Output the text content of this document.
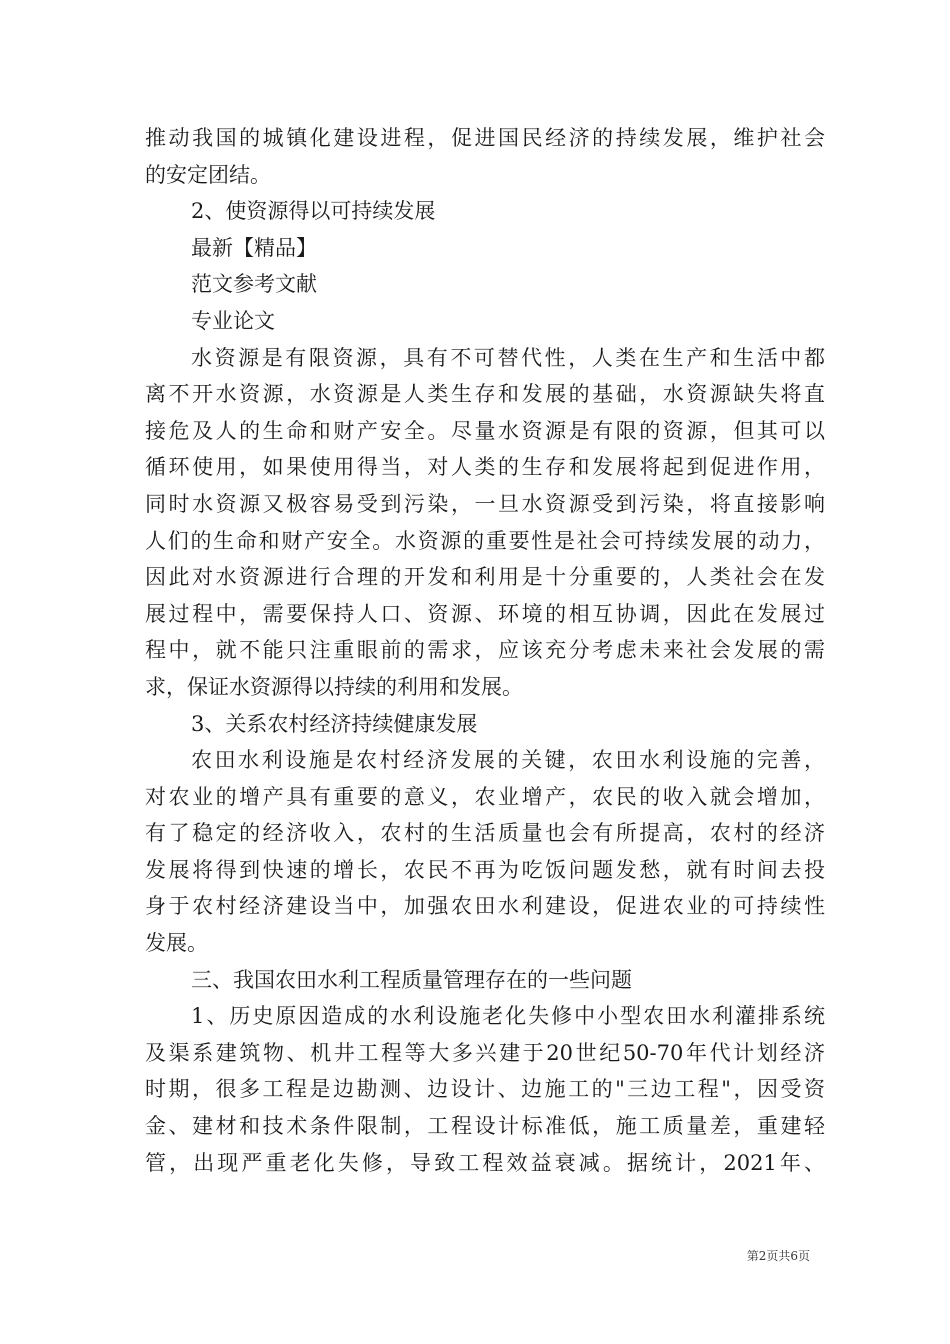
推动我国的城镇化建设进程，促进国民经济的持续发展，维护社会
的安定团结。
2、使资源得以可持续发展
最新【精品】
范文参考文献
专业论文
水资源是有限资源，具有不可替代性，人类在生产和生活中都
离不开水资源，水资源是人类生存和发展的基础，水资源缺失将直
接危及人的生命和财产安全。尽量水资源是有限的资源，但其可以
循环使用，如果使用得当，对人类的生存和发展将起到促进作用，
同时水资源又极容易受到污染，一旦水资源受到污染，将直接影响
人们的生命和财产安全。水资源的重要性是社会可持续发展的动力，
因此对水资源进行合理的开发和利用是十分重要的，人类社会在发
展过程中，需要保持人口、资源、环境的相互协调，因此在发展过
程中，就不能只注重眼前的需求，应该充分考虑未来社会发展的需
求，保证水资源得以持续的利用和发展。
3、关系农村经济持续健康发展
农田水利设施是农村经济发展的关键，农田水利设施的完善，
对农业的增产具有重要的意义，农业增产，农民的收入就会增加，
有了稳定的经济收入，农村的生活质量也会有所提高，农村的经济
发展将得到快速的增长，农民不再为吃饭问题发愁，就有时间去投
身于农村经济建设当中，加强农田水利建设，促进农业的可持续性
发展。
三、我国农田水利工程质量管理存在的一些问题
1、历史原因造成的水利设施老化失修中小型农田水利灌排系统
及渠系建筑物、机井工程等大多兴建于20世纪50-70年代计划经济
时期，很多工程是边勘测、边设计、边施工的"三边工程"，因受资
金、建材和技术条件限制，工程设计标准低，施工质量差，重建轻
管，出现严重老化失修，导致工程效益衰减。据统计，2021年、
第2页共6页
